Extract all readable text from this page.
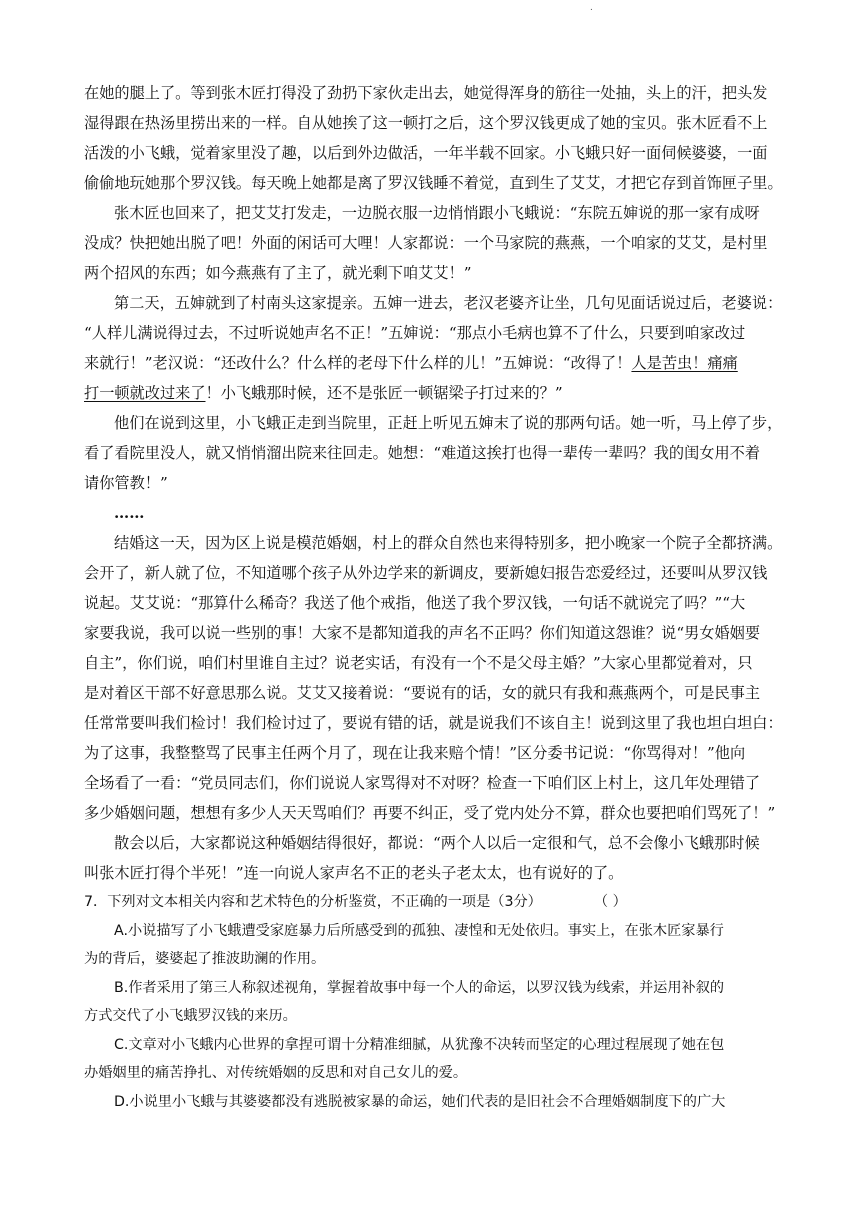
.
在她的腿上了。等到张木匠打得没了劲扔下家伙走出去，她觉得浑身的筋往一处抽，头上的汗，把头发
湿得跟在热汤里捞出来的一样。自从她挨了这一顿打之后，这个罗汉钱更成了她的宝贝。张木匠看不上
活泼的小飞蛾，觉着家里没了趣，以后到外边做活，一年半载不回家。小飞蛾只好一面伺候婆婆，一面
偷偷地玩她那个罗汉钱。每天晚上她都是离了罗汉钱睡不着觉，直到生了艾艾，才把它存到首饰匣子里。
张木匠也回来了，把艾艾打发走，一边脱衣服一边悄悄跟小飞蛾说：“东院五婶说的那一家有成呀
没成？快把她出脱了吧！外面的闲话可大哩！人家都说：一个马家院的燕燕，一个咱家的艾艾，是村里
两个招风的东西；如今燕燕有了主了，就光剩下咱艾艾！”
第二天，五婶就到了村南头这家提亲。五婶一进去，老汉老婆齐让坐，几句见面话说过后，老婆说：
“人样儿满说得过去，不过听说她声名不正！”五婶说：“那点小毛病也算不了什么，只要到咱家改过
来就行！”老汉说：“还改什么？什么样的老母下什么样的儿！”五婶说：“改得了！人是苦虫！痛痛
打一顿就改过来了！小飞蛾那时候，还不是张匠一顿锯梁子打过来的？”
他们在说到这里，小飞蛾正走到当院里，正赶上听见五婶末了说的那两句话。她一听，马上停了步，
看了看院里没人，就又悄悄溜出院来往回走。她想：“难道这挨打也得一辈传一辈吗？我的闺女用不着
请你管教！”
……
结婚这一天，因为区上说是模范婚姻，村上的群众自然也来得特别多，把小晚家一个院子全都挤满。
会开了，新人就了位，不知道哪个孩子从外边学来的新调皮，要新媳妇报告恋爱经过，还要叫从罗汉钱
说起。艾艾说：“那算什么稀奇？我送了他个戒指，他送了我个罗汉钱，一句话不就说完了吗？”“大
家要我说，我可以说一些别的事！大家不是都知道我的声名不正吗？你们知道这怨谁？说“男女婚姻要
自主”，你们说，咱们村里谁自主过？说老实话，有没有一个不是父母主婚？”大家心里都觉着对，只
是对着区干部不好意思那么说。艾艾又接着说：“要说有的话，女的就只有我和燕燕两个，可是民事主
任常常要叫我们检讨！我们检讨过了，要说有错的话，就是说我们不该自主！说到这里了我也坦白坦白：
为了这事，我整整骂了民事主任两个月了，现在让我来赔个情！”区分委书记说：“你骂得对！”他向
全场看了一看：“党员同志们，你们说说人家骂得对不对呀？检查一下咱们区上村上，这几年处理错了
多少婚姻问题，想想有多少人天天骂咱们？再要不纠正，受了党内处分不算，群众也要把咱们骂死了！”
散会以后，大家都说这种婚姻结得很好，都说：“两个人以后一定很和气，总不会像小飞蛾那时候
叫张木匠打得个半死！”连一向说人家声名不正的老头子老太太，也有说好的了。
7．下列对文本相关内容和艺术特色的分析鉴赏，不正确的一项是（3分）	（ ）
A.小说描写了小飞蛾遭受家庭暴力后所感受到的孤独、凄惶和无处依归。事实上，在张木匠家暴行
为的背后，婆婆起了推波助澜的作用。
B.作者采用了第三人称叙述视角，掌握着故事中每一个人的命运，以罗汉钱为线索，并运用补叙的
方式交代了小飞蛾罗汉钱的来历。
C.文章对小飞蛾内心世界的拿捏可谓十分精准细腻，从犹豫不决转而坚定的心理过程展现了她在包
办婚姻里的痛苦挣扎、对传统婚姻的反思和对自己女儿的爱。
D.小说里小飞蛾与其婆婆都没有逃脱被家暴的命运，她们代表的是旧社会不合理婚姻制度下的广大
